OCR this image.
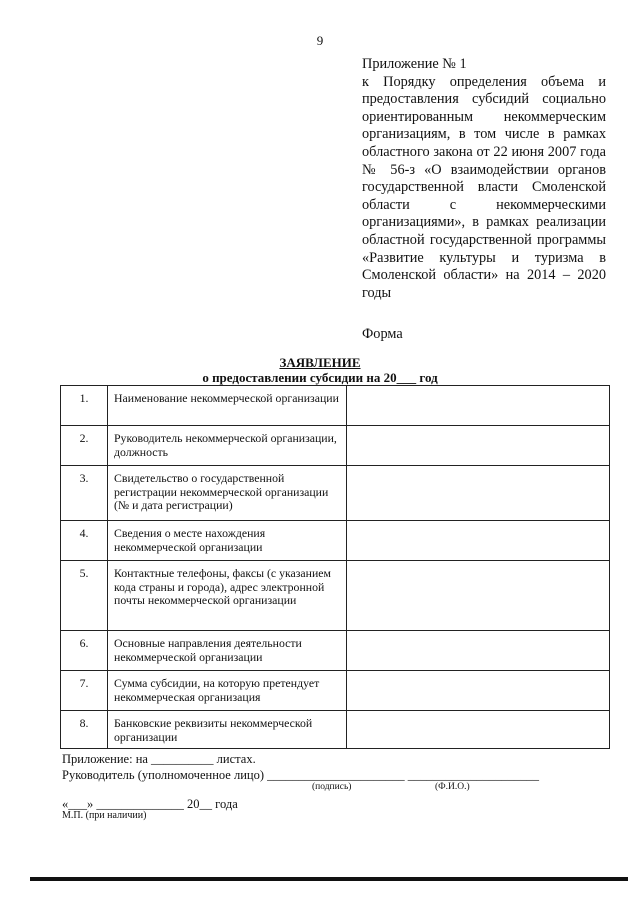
9
Приложение № 1
к Порядку определения объема и предоставления субсидий социально ориентированным некоммерческим организациям, в том числе в рамках областного закона от 22 июня 2007 года № 56-з «О взаимодействии органов государственной власти Смоленской области с некоммерческими организациями», в рамках реализации областной государственной программы «Развитие культуры и туризма в Смоленской области» на 2014 – 2020 годы
Форма
ЗАЯВЛЕНИЕ
о предоставлении субсидии на 20___ год
1.	Наименование некоммерческой организации	
2.	Руководитель некоммерческой организации, должность	
3.	Свидетельство о государственной регистрации некоммерческой организации (№ и дата регистрации)	
4.	Сведения о месте нахождения некоммерческой организации	
5.	Контактные телефоны, факсы (с указанием кода страны и города), адрес электронной почты некоммерческой организации	
6.	Основные направления деятельности некоммерческой организации	
7.	Сумма субсидии, на которую претендует некоммерческая организация	
8.	Банковские реквизиты некоммерческой организации	
Приложение: на __________ листах.
Руководитель (уполномоченное лицо) ______________________ _____________________
(подпись)	(Ф.И.О.)
«___» ______________ 20__ года
М.П. (при наличии)
